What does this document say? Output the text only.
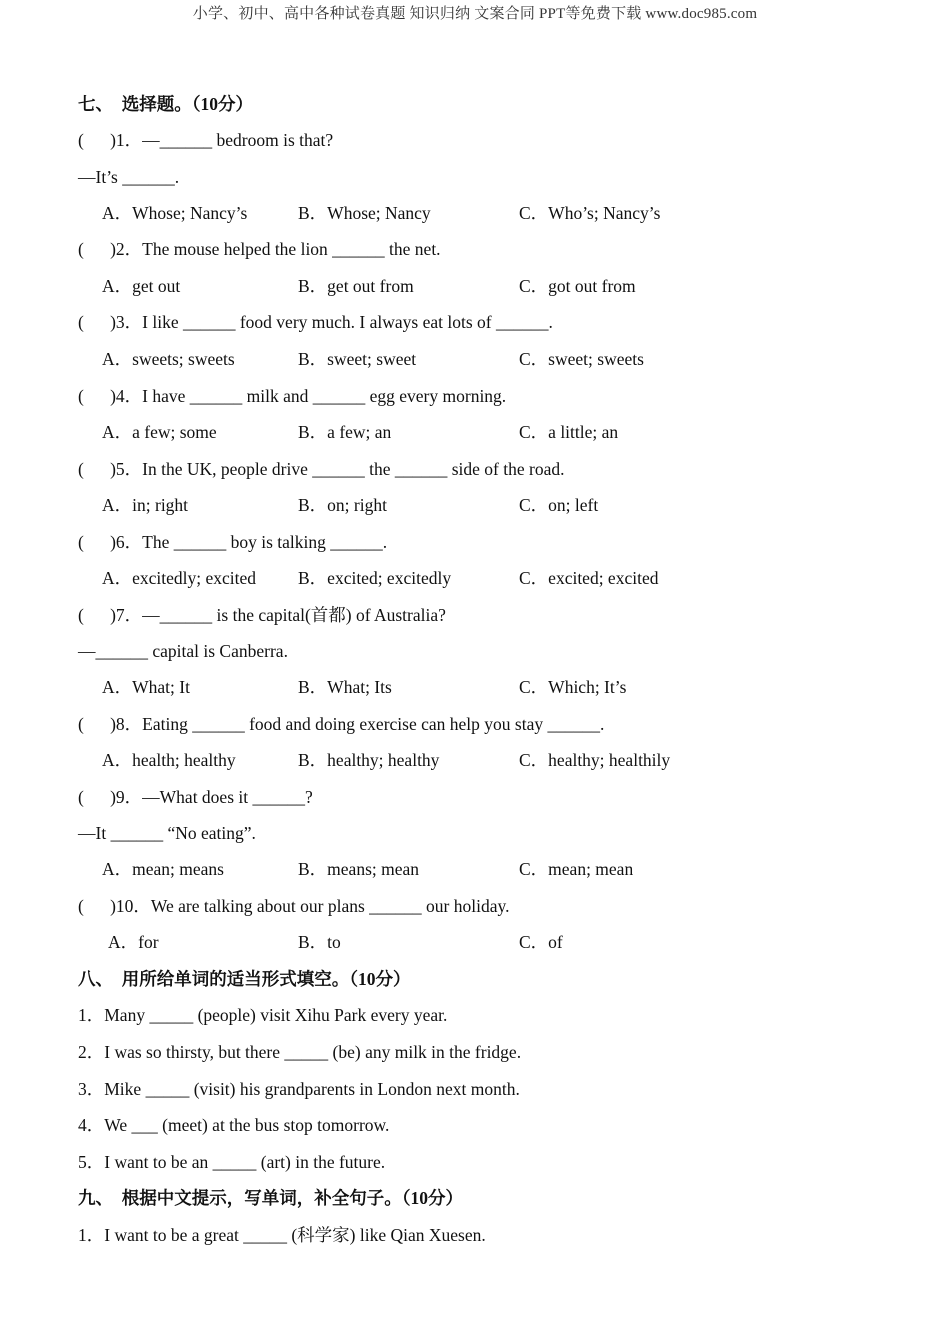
小学、初中、高中各种试卷真题 知识归纳 文案合同 PPT等免费下载 www.doc985.com
七、  选择题。（10分）
(      )1．—______ bedroom is that?
—It’s ______.
A．Whose; Nancy’s	B．Whose; Nancy	C．Who’s; Nancy’s
(      )2．The mouse helped the lion ______ the net.
A．get out	B．get out from	C．got out from
(      )3．I like ______ food very much. I always eat lots of ______.
A．sweets; sweets	B．sweet; sweet	C．sweet; sweets
(      )4．I have ______ milk and ______ egg every morning.
A．a few; some	B．a few; an	C．a little; an
(      )5．In the UK, people drive ______ the ______ side of the road.
A．in; right	B．on; right	C．on; left
(      )6．The ______ boy is talking ______.
A．excitedly; excited B．excited; excitedly	C．excited; excited
(      )7．—______ is the capital(首都) of Australia?
—______ capital is Canberra.
A．What; It	B．What; Its	C．Which; It’s
(      )8．Eating ______ food and doing exercise can help you stay ______.
A．health; healthy	B．healthy; healthy	C．healthy; healthily
(      )9．—What does it ______?
—It ______ “No eating”.
A．mean; means	B．means; mean	C．mean; mean
(      )10．We are talking about our plans ______ our holiday.
A．for	B．to	C．of
八、  用所给单词的适当形式填空。（10分）
1．Many _____ (people) visit Xihu Park every year.
2．I was so thirsty, but there _____ (be) any milk in the fridge.
3．Mike _____ (visit) his grandparents in London next month.
4．We ___ (meet) at the bus stop tomorrow.
5．I want to be an _____ (art) in the future.
九、  根据中文提示，写单词，补全句子。（10分）
1．I want to be a great _____ (科学家) like Qian Xuesen.
